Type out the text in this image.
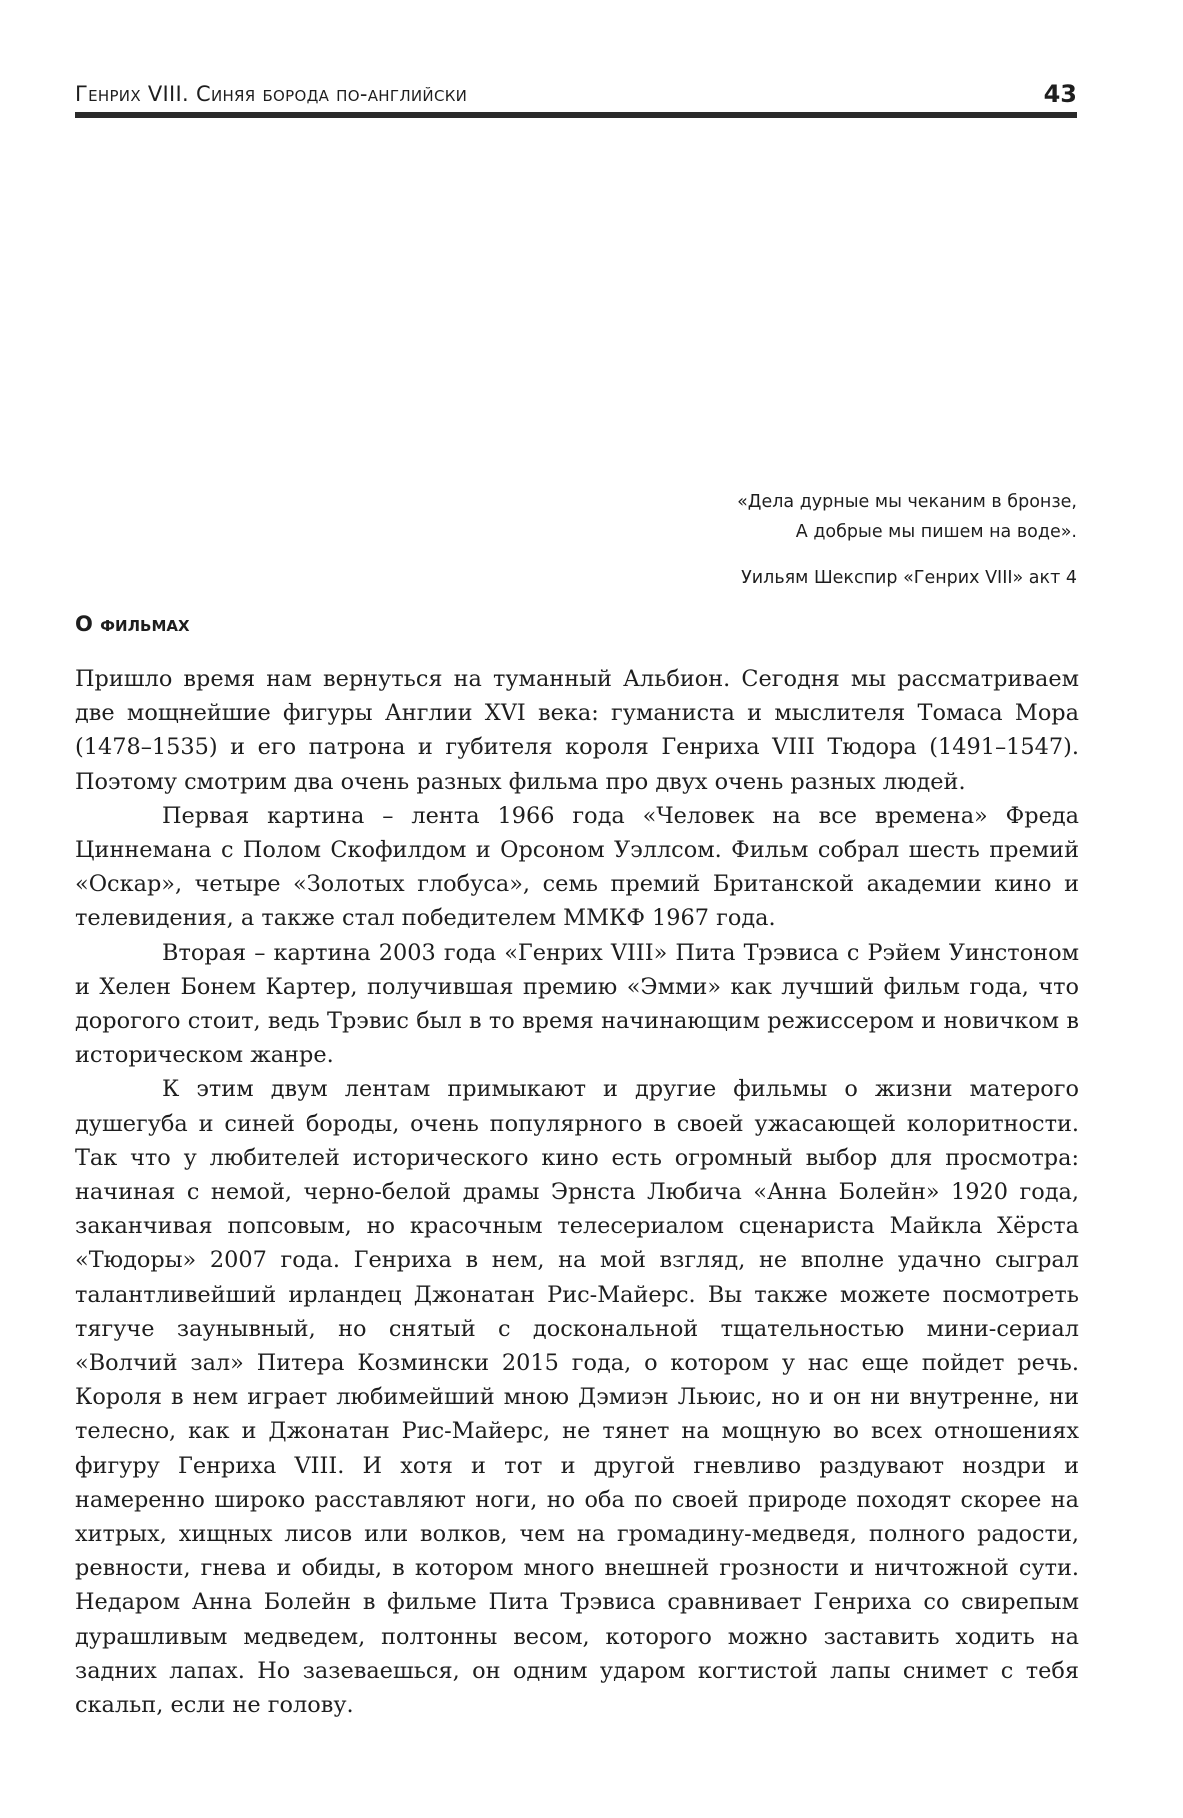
Генрих VIII. Синяя борода по-английски	43
«Дела дурные мы чеканим в бронзе,
А добрые мы пишем на воде».
Уильям Шекспир «Генрих VIII» акт 4
О фильмах

Пришло время нам вернуться на туманный Альбион. Сегодня мы рассматриваем две мощнейшие фигуры Англии XVI века: гуманиста и мыслителя Томаса Мора (1478–1535) и его патрона и губителя короля Генриха VIII Тюдора (1491–1547). Поэтому смотрим два очень разных фильма про двух очень разных людей.

Первая картина – лента 1966 года «Человек на все времена» Фреда Циннемана с Полом Скофилдом и Орсоном Уэллсом. Фильм собрал шесть премий «Оскар», четыре «Золотых глобуса», семь премий Британской академии кино и телевидения, а также стал победителем ММКФ 1967 года.

Вторая – картина 2003 года «Генрих VIII» Пита Трэвиса с Рэйем Уинстоном и Хелен Бонем Картер, получившая премию «Эмми» как лучший фильм года, что дорогого стоит, ведь Трэвис был в то время начинающим режиссером и новичком в историческом жанре.

К этим двум лентам примыкают и другие фильмы о жизни матерого душегуба и синей бороды, очень популярного в своей ужасающей колоритности. Так что у любителей исторического кино есть огромный выбор для просмотра: начиная с немой, черно-белой драмы Эрнста Любича «Анна Болейн» 1920 года, заканчивая попсовым, но красочным телесериалом сценариста Майкла Хёрста «Тюдоры» 2007 года. Генриха в нем, на мой взгляд, не вполне удачно сыграл талантливейший ирландец Джонатан Рис-Майерс. Вы также можете посмотреть тягуче заунывный, но снятый с доскональной тщательностью мини-сериал «Волчий зал» Питера Козмински 2015 года, о котором у нас еще пойдет речь. Короля в нем играет любимейший мною Дэмиэн Льюис, но и он ни внутренне, ни телесно, как и Джонатан Рис-Майерс, не тянет на мощную во всех отношениях фигуру Генриха VIII. И хотя и тот и другой гневливо раздувают ноздри и намеренно широко расставляют ноги, но оба по своей природе походят скорее на хитрых, хищных лисов или волков, чем на громадину-медведя, полного радости, ревности, гнева и обиды, в котором много внешней грозности и ничтожной сути. Недаром Анна Болейн в фильме Пита Трэвиса сравнивает Генриха со свирепым дурашливым медведем, полтонны весом, которого можно заставить ходить на задних лапах. Но зазеваешься, он одним ударом когтистой лапы снимет с тебя скальп, если не голову.
